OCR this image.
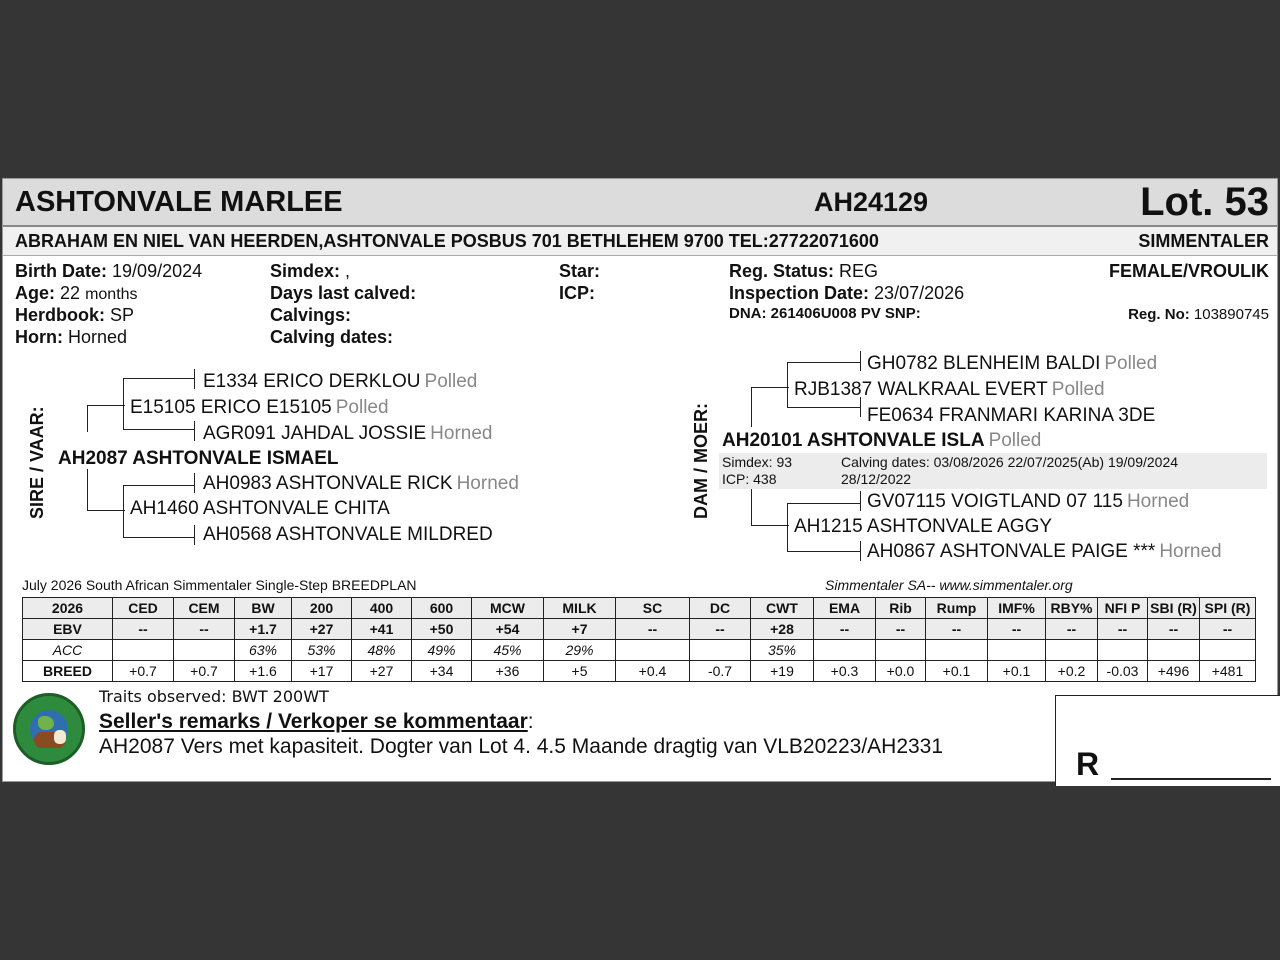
ASHTONVALE MARLEE	AH24129	Lot. 53
ABRAHAM EN NIEL VAN HEERDEN,ASHTONVALE POSBUS 701 BETHLEHEM 9700 TEL:27722071600	SIMMENTALER
Birth Date: 19/09/2024
Age: 22 months
Herdbook: SP
Horn: Horned
Simdex: ,
Days last calved:
Calvings:
Calving dates:
Star:
ICP:
Reg. Status: REG
Inspection Date: 23/07/2026
DNA: 261406U008 PV SNP:
FEMALE/VROULIK
Reg. No: 103890745
SIRE / VAAR:
E1334 ERICO DERKLOU Polled
E15105 ERICO E15105 Polled
AGR091 JAHDAL JOSSIE Horned
AH2087 ASHTONVALE ISMAEL
AH0983 ASHTONVALE RICK Horned
AH1460 ASHTONVALE CHITA
AH0568 ASHTONVALE MILDRED
DAM / MOER:
GH0782 BLENHEIM BALDI Polled
RJB1387 WALKRAAL EVERT Polled
FE0634 FRANMARI KARINA 3DE
AH20101 ASHTONVALE ISLA Polled
Simdex: 93
ICP: 438
Calving dates: 03/08/2026 22/07/2025(Ab) 19/09/2024
28/12/2022
GV07115 VOIGTLAND 07 115 Horned
AH1215 ASHTONVALE AGGY
AH0867 ASHTONVALE PAIGE *** Horned
July 2026 South African Simmentaler Single-Step BREEDPLAN	Simmentaler SA-- www.simmentaler.org
2026	CED	CEM	BW	200	400	600	MCW	MILK	SC	DC	CWT	EMA	Rib	Rump	IMF%	RBY%	NFI P	SBI (R)	SPI (R)
EBV	--	--	+1.7	+27	+41	+50	+54	+7	--	--	+28	--	--	--	--	--	--	--	--
ACC			63%	53%	48%	49%	45%	29%			35%								
BREED	+0.7	+0.7	+1.6	+17	+27	+34	+36	+5	+0.4	-0.7	+19	+0.3	+0.0	+0.1	+0.1	+0.2	-0.03	+496	+481
Traits observed: BWT 200WT
Seller's remarks / Verkoper se kommentaar:
AH2087 Vers met kapasiteit. Dogter van Lot 4. 4.5 Maande dragtig van VLB20223/AH2331	R
